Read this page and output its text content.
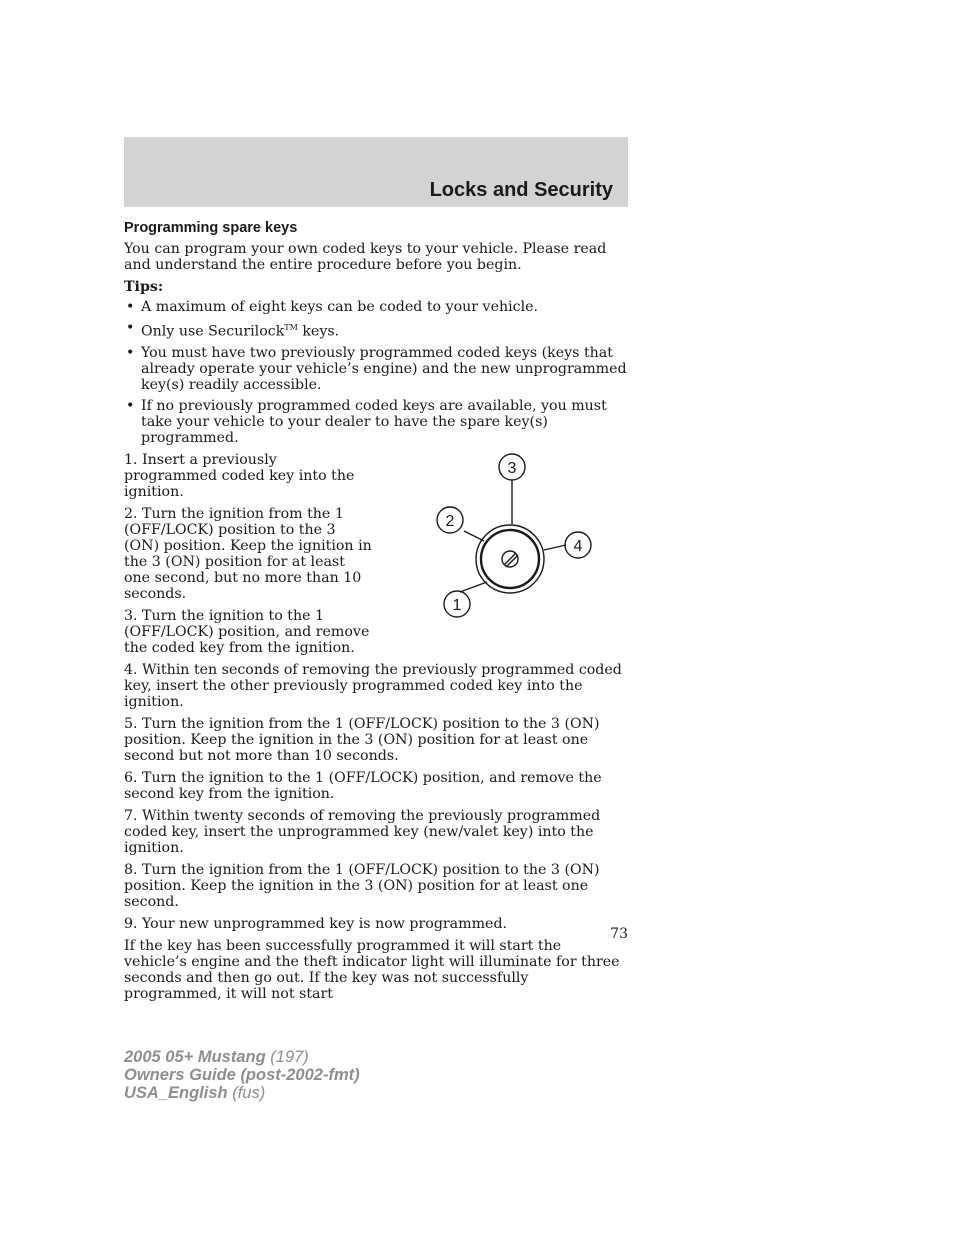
Locks and Security
Programming spare keys

You can program your own coded keys to your vehicle. Please read and understand the entire procedure before you begin.

Tips:
• A maximum of eight keys can be coded to your vehicle.
• Only use Securilock™ keys.
• You must have two previously programmed coded keys (keys that already operate your vehicle’s engine) and the new unprogrammed key(s) readily accessible.
• If no previously programmed coded keys are available, you must take your vehicle to your dealer to have the spare key(s) programmed.

1. Insert a previously programmed coded key into the ignition.

2. Turn the ignition from the 1 (OFF/LOCK) position to the 3 (ON) position. Keep the ignition in the 3 (ON) position for at least one second, but no more than 10 seconds.

3. Turn the ignition to the 1 (OFF/LOCK) position, and remove the coded key from the ignition.

1
2
3
4

4. Within ten seconds of removing the previously programmed coded key, insert the other previously programmed coded key into the ignition.

5. Turn the ignition from the 1 (OFF/LOCK) position to the 3 (ON) position. Keep the ignition in the 3 (ON) position for at least one second but not more than 10 seconds.

6. Turn the ignition to the 1 (OFF/LOCK) position, and remove the second key from the ignition.

7. Within twenty seconds of removing the previously programmed coded key, insert the unprogrammed key (new/valet key) into the ignition.

8. Turn the ignition from the 1 (OFF/LOCK) position to the 3 (ON) position. Keep the ignition in the 3 (ON) position for at least one second.

9. Your new unprogrammed key is now programmed.

If the key has been successfully programmed it will start the vehicle’s engine and the theft indicator light will illuminate for three seconds and then go out. If the key was not successfully programmed, it will not start

73
2005 05+ Mustang (197)
Owners Guide (post-2002-fmt)
USA_English (fus)
